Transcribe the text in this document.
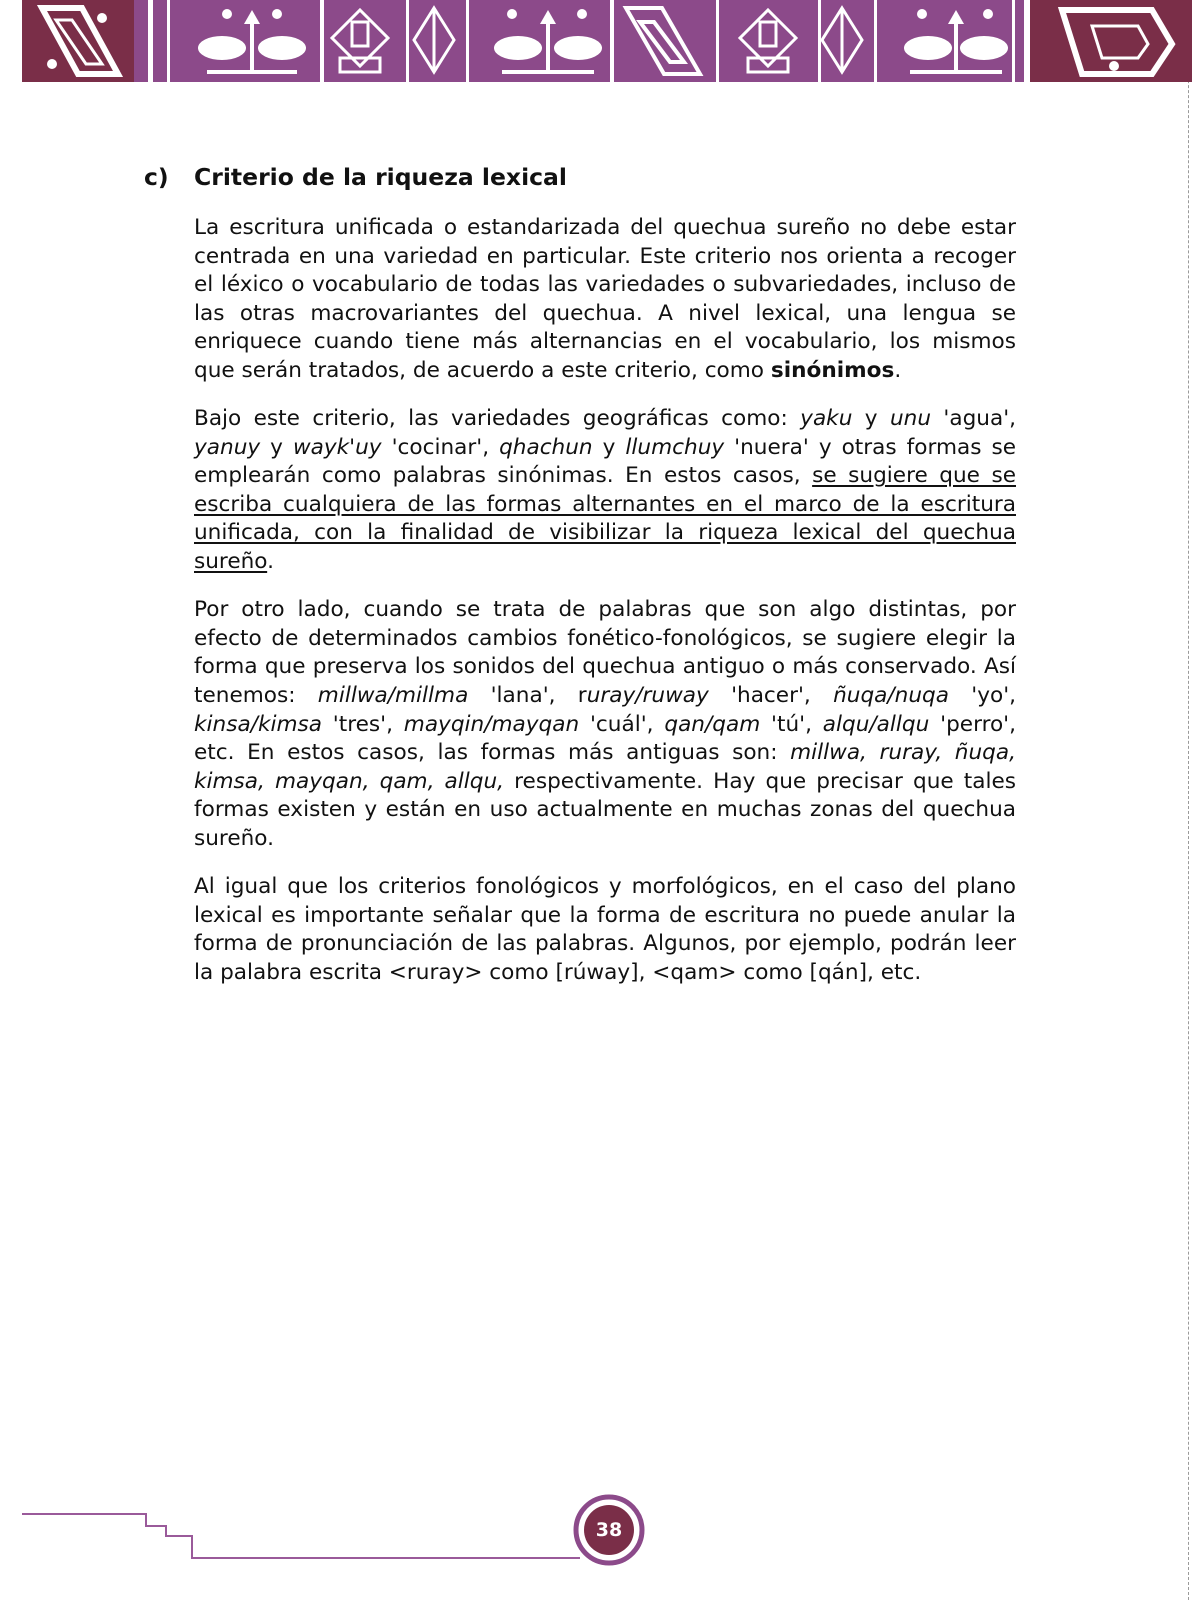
c)	Criterio de la riqueza lexical

La escritura unificada o estandarizada del quechua sureño no debe estar centrada en una variedad en particular. Este criterio nos orienta a recoger el léxico o vocabulario de todas las variedades o subvariedades, incluso de las otras macrovariantes del quechua. A nivel lexical, una lengua se enriquece cuando tiene más alternancias en el vocabulario, los mismos que serán tratados, de acuerdo a este criterio, como sinónimos.

Bajo este criterio, las variedades geográficas como: yaku y unu 'agua', yanuy y wayk'uy 'cocinar', qhachun y llumchuy 'nuera' y otras formas se emplearán como palabras sinónimas. En estos casos, se sugiere que se escriba cualquiera de las formas alternantes en el marco de la escritura unificada, con la finalidad de visibilizar la riqueza lexical del quechua sureño.

Por otro lado, cuando se trata de palabras que son algo distintas, por efecto de determinados cambios fonético-fonológicos, se sugiere elegir la forma que preserva los sonidos del quechua antiguo o más conservado. Así tenemos: millwa/millma 'lana', ruray/ruway 'hacer', ñuqa/nuqa 'yo', kinsa/kimsa 'tres', mayqin/mayqan 'cuál', qan/qam 'tú', alqu/allqu 'perro', etc. En estos casos, las formas más antiguas son: millwa, ruray, ñuqa, kimsa, mayqan, qam, allqu, respectivamente. Hay que precisar que tales formas existen y están en uso actualmente en muchas zonas del quechua sureño.

Al igual que los criterios fonológicos y morfológicos, en el caso del plano lexical es importante señalar que la forma de escritura no puede anular la forma de pronunciación de las palabras. Algunos, por ejemplo, podrán leer la palabra escrita <ruray> como [rúway], <qam> como [qán], etc.

38
